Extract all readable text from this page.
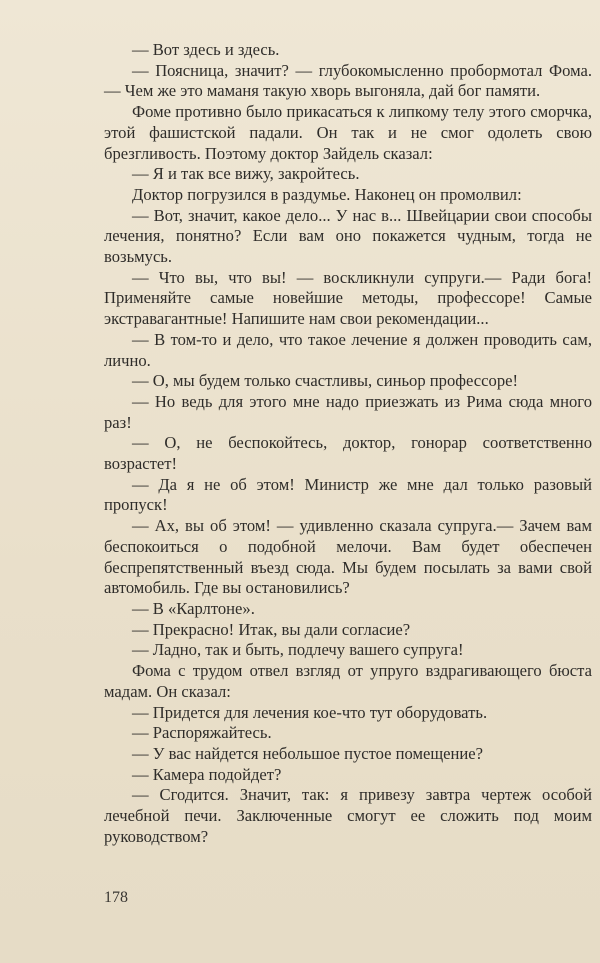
— Вот здесь и здесь.

— Поясница, значит? — глубокомысленно пробормотал Фома.— Чем же это маманя такую хворь выгоняла, дай бог памяти.

Фоме противно было прикасаться к липкому телу этого сморчка, этой фашистской падали. Он так и не смог одолеть свою брезгливость. Поэтому доктор Зайдель сказал:

— Я и так все вижу, закройтесь.

Доктор погрузился в раздумье. Наконец он промолвил:

— Вот, значит, какое дело... У нас в... Швейцарии свои способы лечения, понятно? Если вам оно покажется чудным, тогда не возьмусь.

— Что вы, что вы! — воскликнули супруги.— Ради бога! Применяйте самые новейшие методы, профессоре! Самые экстравагантные! Напишите нам свои рекомендации...

— В том-то и дело, что такое лечение я должен проводить сам, лично.

— О, мы будем только счастливы, синьор профессоре!

— Но ведь для этого мне надо приезжать из Рима сюда много раз!

— О, не беспокойтесь, доктор, гонорар соответственно возрастет!

— Да я не об этом! Министр же мне дал только разовый пропуск!

— Ах, вы об этом! — удивленно сказала супруга.— Зачем вам беспокоиться о подобной мелочи. Вам будет обеспечен беспрепятственный въезд сюда. Мы будем посылать за вами свой автомобиль. Где вы остановились?

— В «Карлтоне».

— Прекрасно! Итак, вы дали согласие?

— Ладно, так и быть, подлечу вашего супруга!

Фома с трудом отвел взгляд от упруго вздрагивающего бюста мадам. Он сказал:

— Придется для лечения кое-что тут оборудовать.

— Распоряжайтесь.

— У вас найдется небольшое пустое помещение?

— Камера подойдет?

— Сгодится. Значит, так: я привезу завтра чертеж особой лечебной печи. Заключенные смогут ее сложить под моим руководством?

178
